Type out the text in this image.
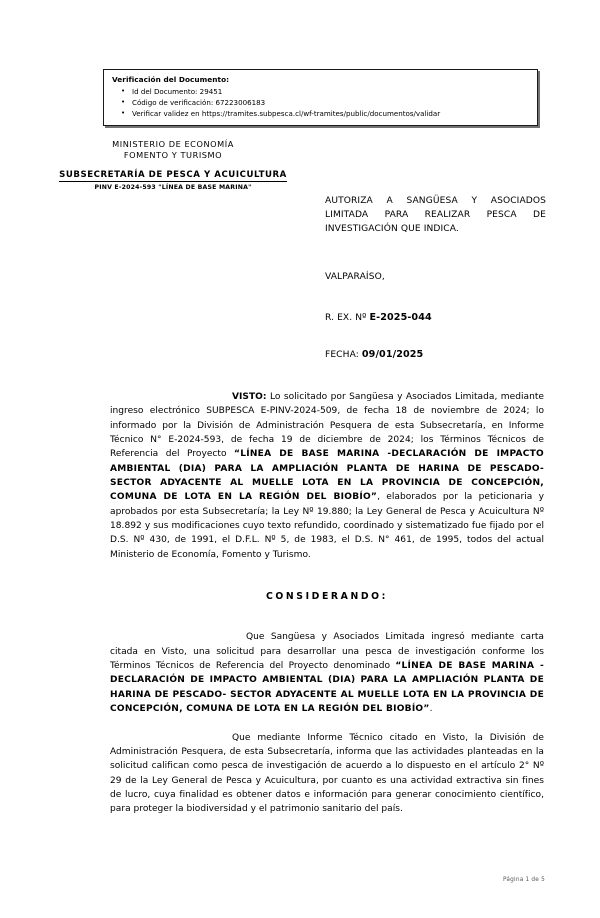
Verificación del Documento:
• Id del Documento: 29451
• Código de verificación: 67223006183
• Verificar validez en https://tramites.subpesca.cl/wf-tramites/public/documentos/validar
MINISTERIO DE ECONOMÍA
FOMENTO Y TURISMO
SUBSECRETARÍA DE PESCA Y ACUICULTURA
PINV E-2024-593 "LÍNEA DE BASE MARINA"
AUTORIZA A SANGÜESA Y ASOCIADOS LIMITADA PARA REALIZAR PESCA DE INVESTIGACIÓN QUE INDICA.
VALPARAÍSO,
R. EX. Nº E-2025-044
FECHA: 09/01/2025

VISTO: Lo solicitado por Sangüesa y Asociados Limitada, mediante ingreso electrónico SUBPESCA E-PINV-2024-509, de fecha 18 de noviembre de 2024; lo informado por la División de Administración Pesquera de esta Subsecretaría, en Informe Técnico N° E-2024-593, de fecha 19 de diciembre de 2024; los Términos Técnicos de Referencia del Proyecto “LÍNEA DE BASE MARINA -DECLARACIÓN DE IMPACTO AMBIENTAL (DIA) PARA LA AMPLIACIÓN PLANTA DE HARINA DE PESCADO- SECTOR ADYACENTE AL MUELLE LOTA EN LA PROVINCIA DE CONCEPCIÓN, COMUNA DE LOTA EN LA REGIÓN DEL BIOBÍO”, elaborados por la peticionaria y aprobados por esta Subsecretaría; la Ley Nº 19.880; la Ley General de Pesca y Acuicultura Nº 18.892 y sus modificaciones cuyo texto refundido, coordinado y sistematizado fue fijado por el D.S. Nº 430, de 1991, el D.F.L. Nº 5, de 1983, el D.S. N° 461, de 1995, todos del actual Ministerio de Economía, Fomento y Turismo.

CONSIDERANDO:

Que Sangüesa y Asociados Limitada ingresó mediante carta citada en Visto, una solicitud para desarrollar una pesca de investigación conforme los Términos Técnicos de Referencia del Proyecto denominado “LÍNEA DE BASE MARINA -DECLARACIÓN DE IMPACTO AMBIENTAL (DIA) PARA LA AMPLIACIÓN PLANTA DE HARINA DE PESCADO- SECTOR ADYACENTE AL MUELLE LOTA EN LA PROVINCIA DE CONCEPCIÓN, COMUNA DE LOTA EN LA REGIÓN DEL BIOBÍO”.

Que mediante Informe Técnico citado en Visto, la División de Administración Pesquera, de esta Subsecretaría, informa que las actividades planteadas en la solicitud califican como pesca de investigación de acuerdo a lo dispuesto en el artículo 2° Nº 29 de la Ley General de Pesca y Acuicultura, por cuanto es una actividad extractiva sin fines de lucro, cuya finalidad es obtener datos e información para generar conocimiento científico, para proteger la biodiversidad y el patrimonio sanitario del país.

Página 1 de 5
